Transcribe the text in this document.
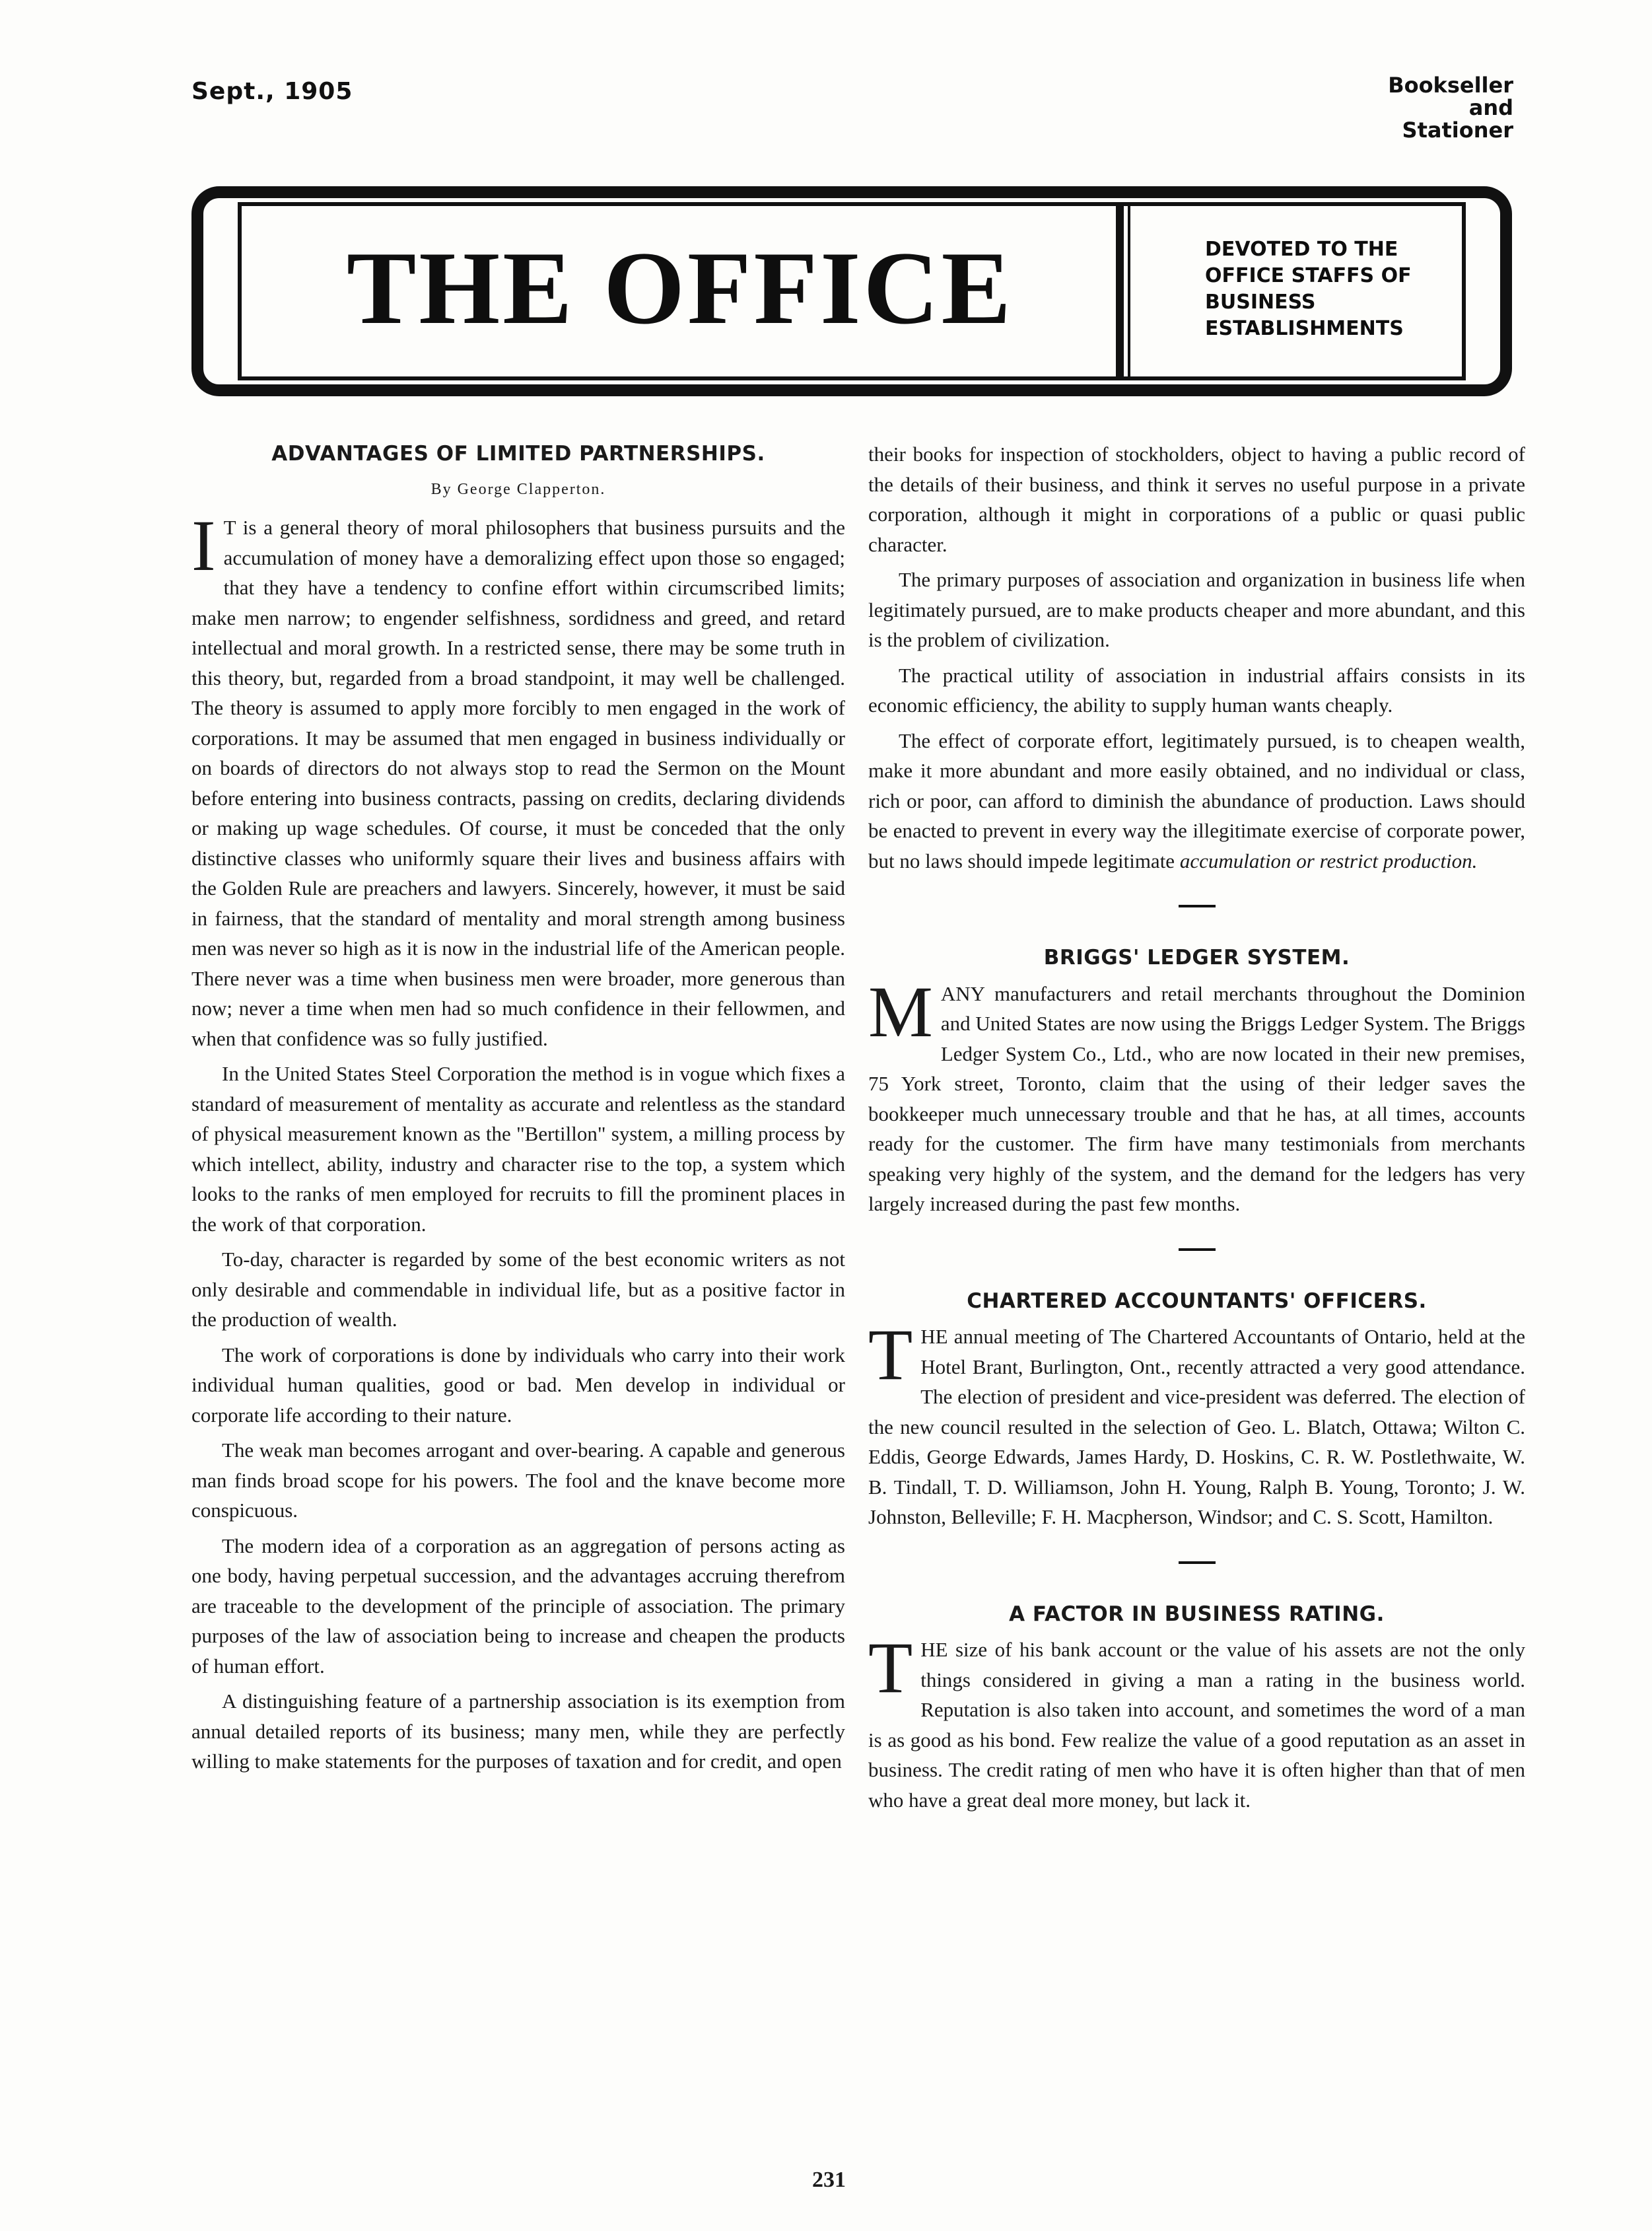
Sept., 1905	Bookseller and Stationer
THE OFFICE	DEVOTED TO THE OFFICE STAFFS OF BUSINESS ESTABLISHMENTS
ADVANTAGES OF LIMITED PARTNERSHIPS.
By George Clapperton.

I T is a general theory of moral philosophers that business pursuits and the accumulation of money have a demoralizing effect upon those so engaged; that they have a tendency to confine effort within circumscribed limits; make men narrow; to engender selfishness, sordidness and greed, and retard intellectual and moral growth. In a restricted sense, there may be some truth in this theory, but, regarded from a broad standpoint, it may well be challenged. The theory is assumed to apply more forcibly to men engaged in the work of corporations. It may be assumed that men engaged in business individually or on boards of directors do not always stop to read the Sermon on the Mount before entering into business contracts, passing on credits, declaring dividends or making up wage schedules. Of course, it must be conceded that the only distinctive classes who uniformly square their lives and business affairs with the Golden Rule are preachers and lawyers. Sincerely, however, it must be said in fairness, that the standard of mentality and moral strength among business men was never so high as it is now in the industrial life of the American people. There never was a time when business men were broader, more generous than now; never a time when men had so much confidence in their fellowmen, and when that confidence was so fully justified.

In the United States Steel Corporation the method is in vogue which fixes a standard of measurement of mentality as accurate and relentless as the standard of physical measurement known as the "Bertillon" system, a milling process by which intellect, ability, industry and character rise to the top, a system which looks to the ranks of men employed for recruits to fill the prominent places in the work of that corporation.

To-day, character is regarded by some of the best economic writers as not only desirable and commendable in individual life, but as a positive factor in the production of wealth.

The work of corporations is done by individuals who carry into their work individual human qualities, good or bad. Men develop in individual or corporate life according to their nature.

The weak man becomes arrogant and over-bearing. A capable and generous man finds broad scope for his powers. The fool and the knave become more conspicuous.

The modern idea of a corporation as an aggregation of persons acting as one body, having perpetual succession, and the advantages accruing therefrom are traceable to the development of the principle of association. The primary purposes of the law of association being to increase and cheapen the products of human effort.

A distinguishing feature of a partnership association is its exemption from annual detailed reports of its business; many men, while they are perfectly willing to make statements for the purposes of taxation and for credit, and open

their books for inspection of stockholders, object to having a public record of the details of their business, and think it serves no useful purpose in a private corporation, although it might in corporations of a public or quasi public character.

The primary purposes of association and organization in business life when legitimately pursued, are to make products cheaper and more abundant, and this is the problem of civilization.

The practical utility of association in industrial affairs consists in its economic efficiency, the ability to supply human wants cheaply.

The effect of corporate effort, legitimately pursued, is to cheapen wealth, make it more abundant and more easily obtained, and no individual or class, rich or poor, can afford to diminish the abundance of production. Laws should be enacted to prevent in every way the illegitimate exercise of corporate power, but no laws should impede legitimate accumulation or restrict production.

BRIGGS' LEDGER SYSTEM.

MANY manufacturers and retail merchants throughout the Dominion and United States are now using the Briggs Ledger System. The Briggs Ledger System Co., Ltd., who are now located in their new premises, 75 York street, Toronto, claim that the using of their ledger saves the bookkeeper much unnecessary trouble and that he has, at all times, accounts ready for the customer. The firm have many testimonials from merchants speaking very highly of the system, and the demand for the ledgers has very largely increased during the past few months.

CHARTERED ACCOUNTANTS' OFFICERS.

THE annual meeting of The Chartered Accountants of Ontario, held at the Hotel Brant, Burlington, Ont., recently attracted a very good attendance. The election of president and vice-president was deferred. The election of the new council resulted in the selection of Geo. L. Blatch, Ottawa; Wilton C. Eddis, George Edwards, James Hardy, D. Hoskins, C. R. W. Postlethwaite, W. B. Tindall, T. D. Williamson, John H. Young, Ralph B. Young, Toronto; J. W. Johnston, Belleville; F. H. Macpherson, Windsor; and C. S. Scott, Hamilton.

A FACTOR IN BUSINESS RATING.

THE size of his bank account or the value of his assets are not the only things considered in giving a man a rating in the business world. Reputation is also taken into account, and sometimes the word of a man is as good as his bond. Few realize the value of a good reputation as an asset in business. The credit rating of men who have it is often higher than that of men who have a great deal more money, but lack it.

231
